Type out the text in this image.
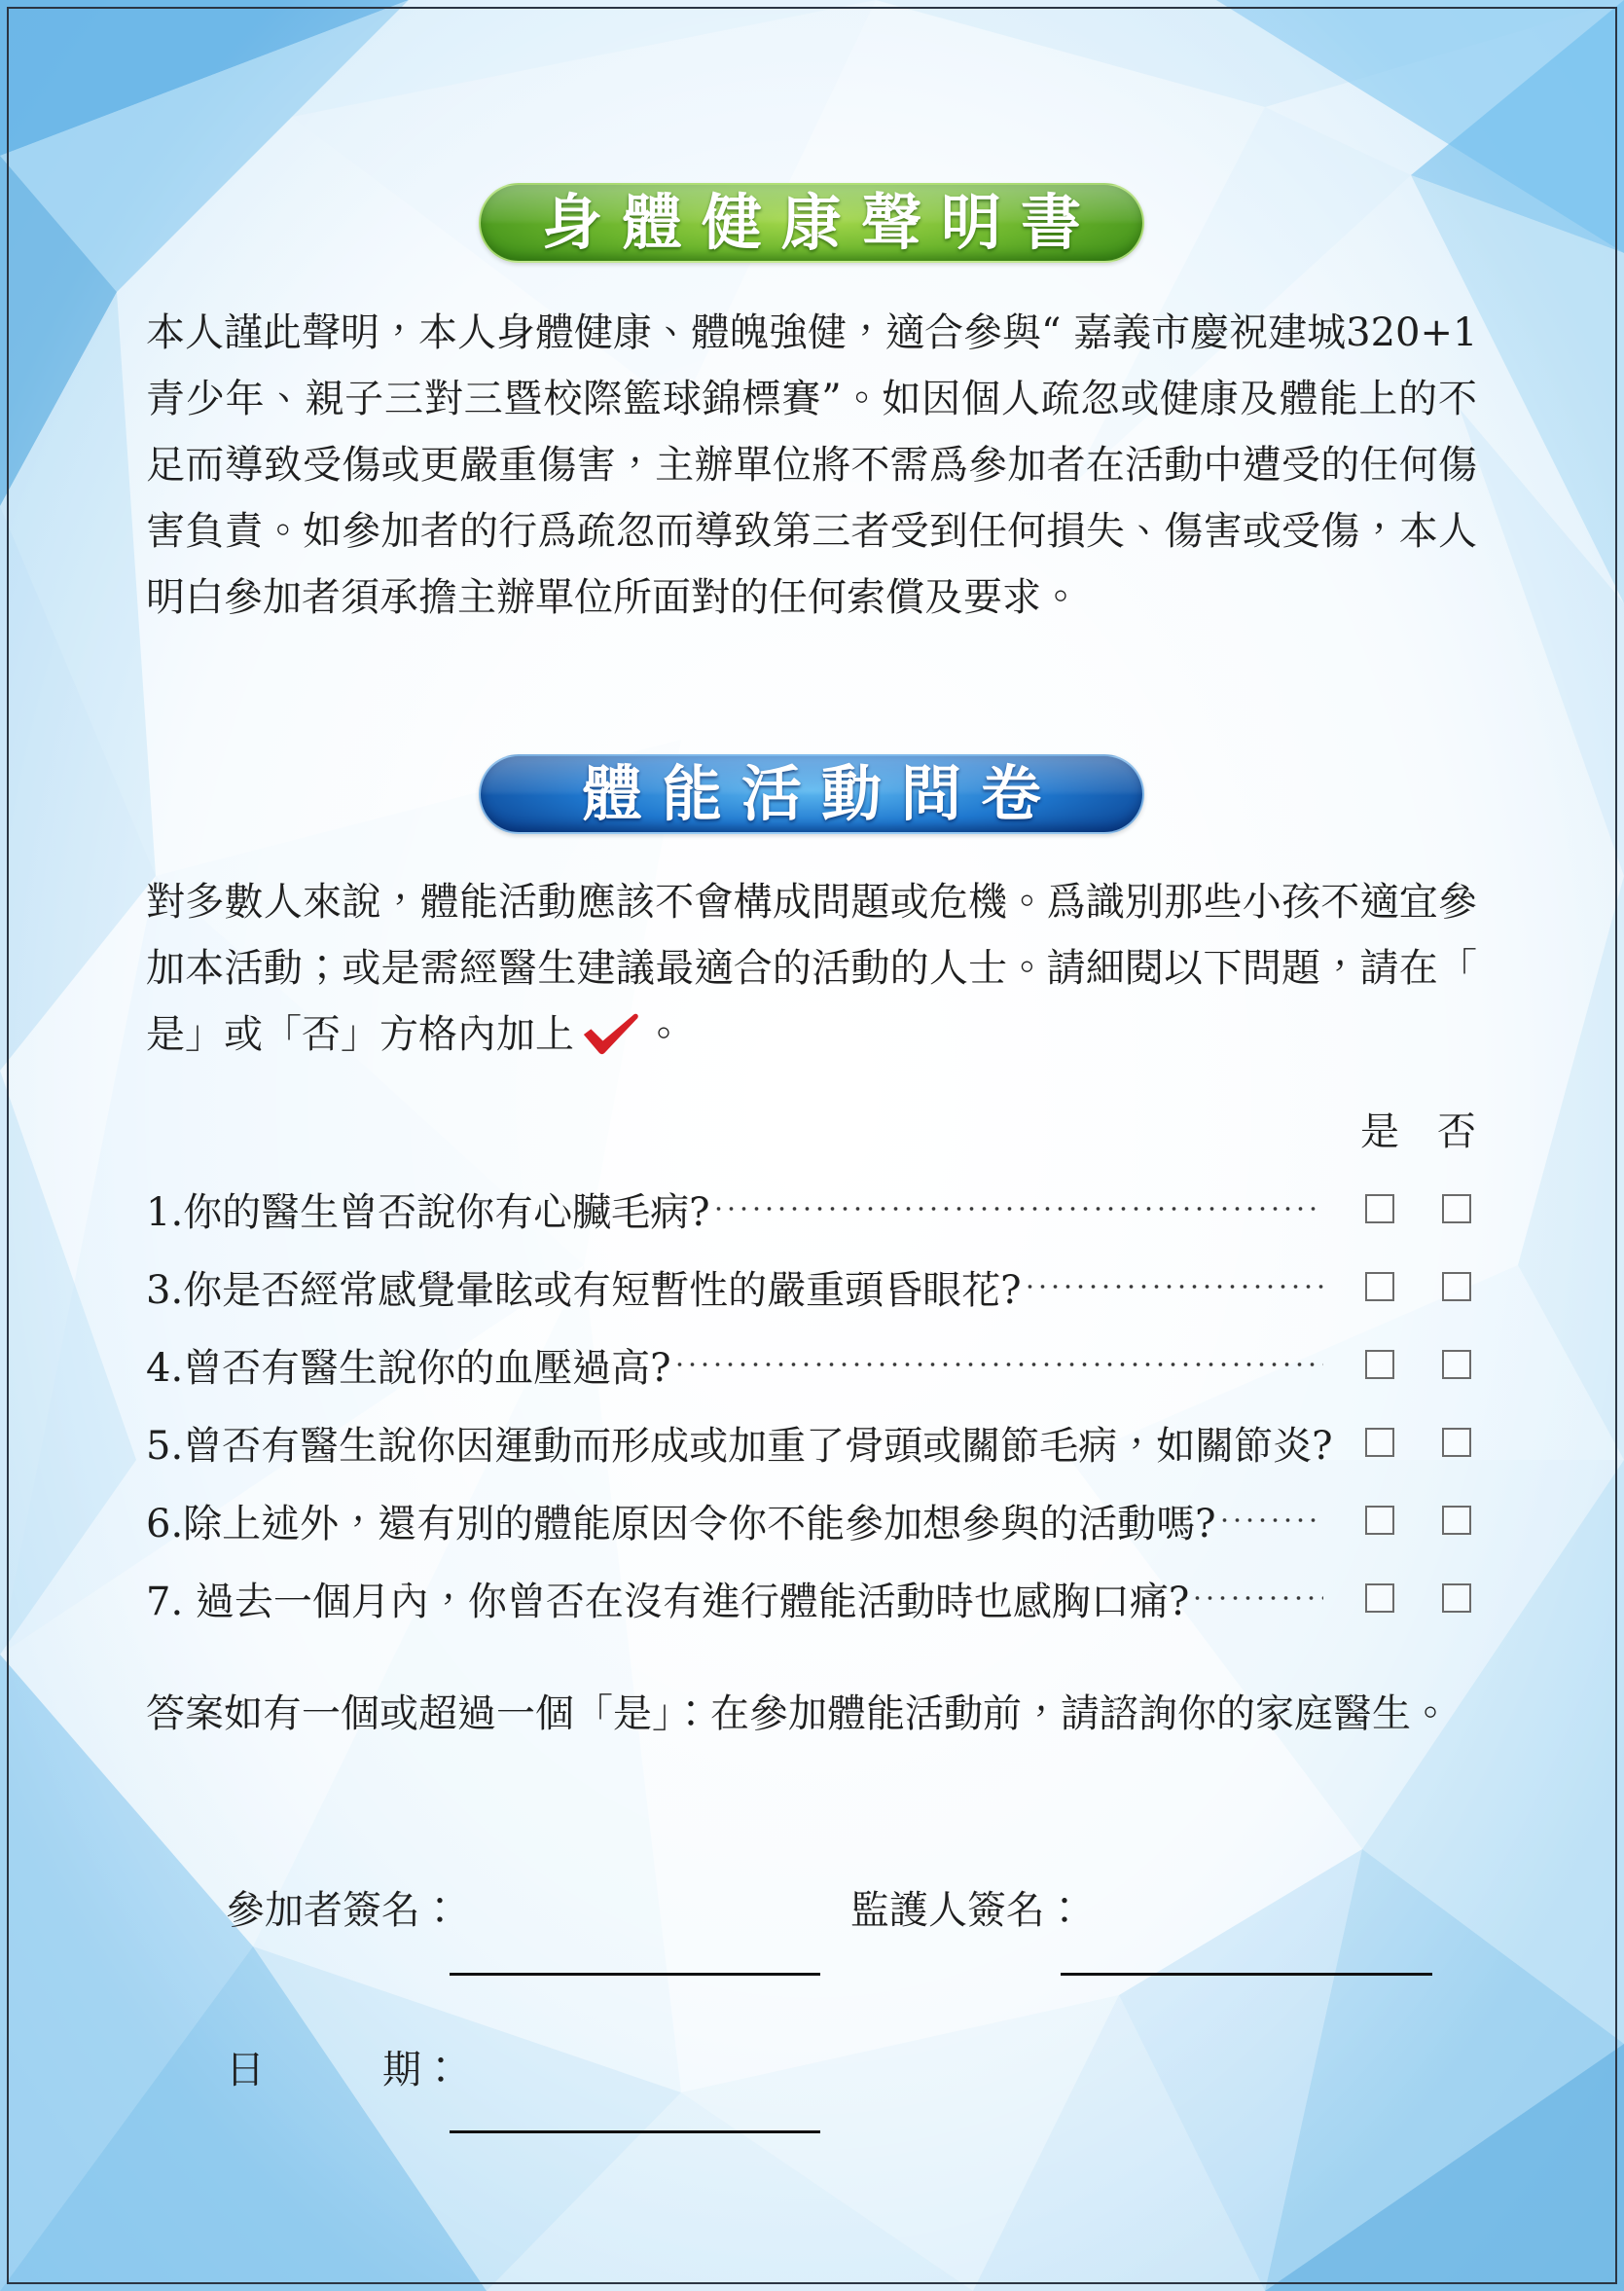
身體健康聲明書
本人謹此聲明，本人身體健康、體魄強健，適合參與“ 嘉義市慶祝建城320+1
青少年、親子三對三暨校際籃球錦標賽”。如因個人疏忽或健康及體能上的不
足而導致受傷或更嚴重傷害，主辦單位將不需爲參加者在活動中遭受的任何傷
害負責。如參加者的行爲疏忽而導致第三者受到任何損失、傷害或受傷，本人
明白參加者須承擔主辦單位所面對的任何索償及要求。
體能活動問卷
對多數人來說，體能活動應該不會構成問題或危機。爲識別那些小孩不適宜參
加本活動；或是需經醫生建議最適合的活動的人士。請細閱以下問題，請在「
是」或「否」方格內加上 。
是 否
1.你的醫生曾否說你有心臟毛病?
3.你是否經常感覺暈眩或有短暫性的嚴重頭昏眼花?
4.曾否有醫生說你的血壓過高?
5.曾否有醫生說你因運動而形成或加重了骨頭或關節毛病，如關節炎?
6.除上述外，還有別的體能原因令你不能參加想參與的活動嗎?
7. 過去一個月內，你曾否在沒有進行體能活動時也感胸口痛?
答案如有一個或超過一個「是」：在參加體能活動前，請諮詢你的家庭醫生。
參加者簽名：	監護人簽名：
日	期：
